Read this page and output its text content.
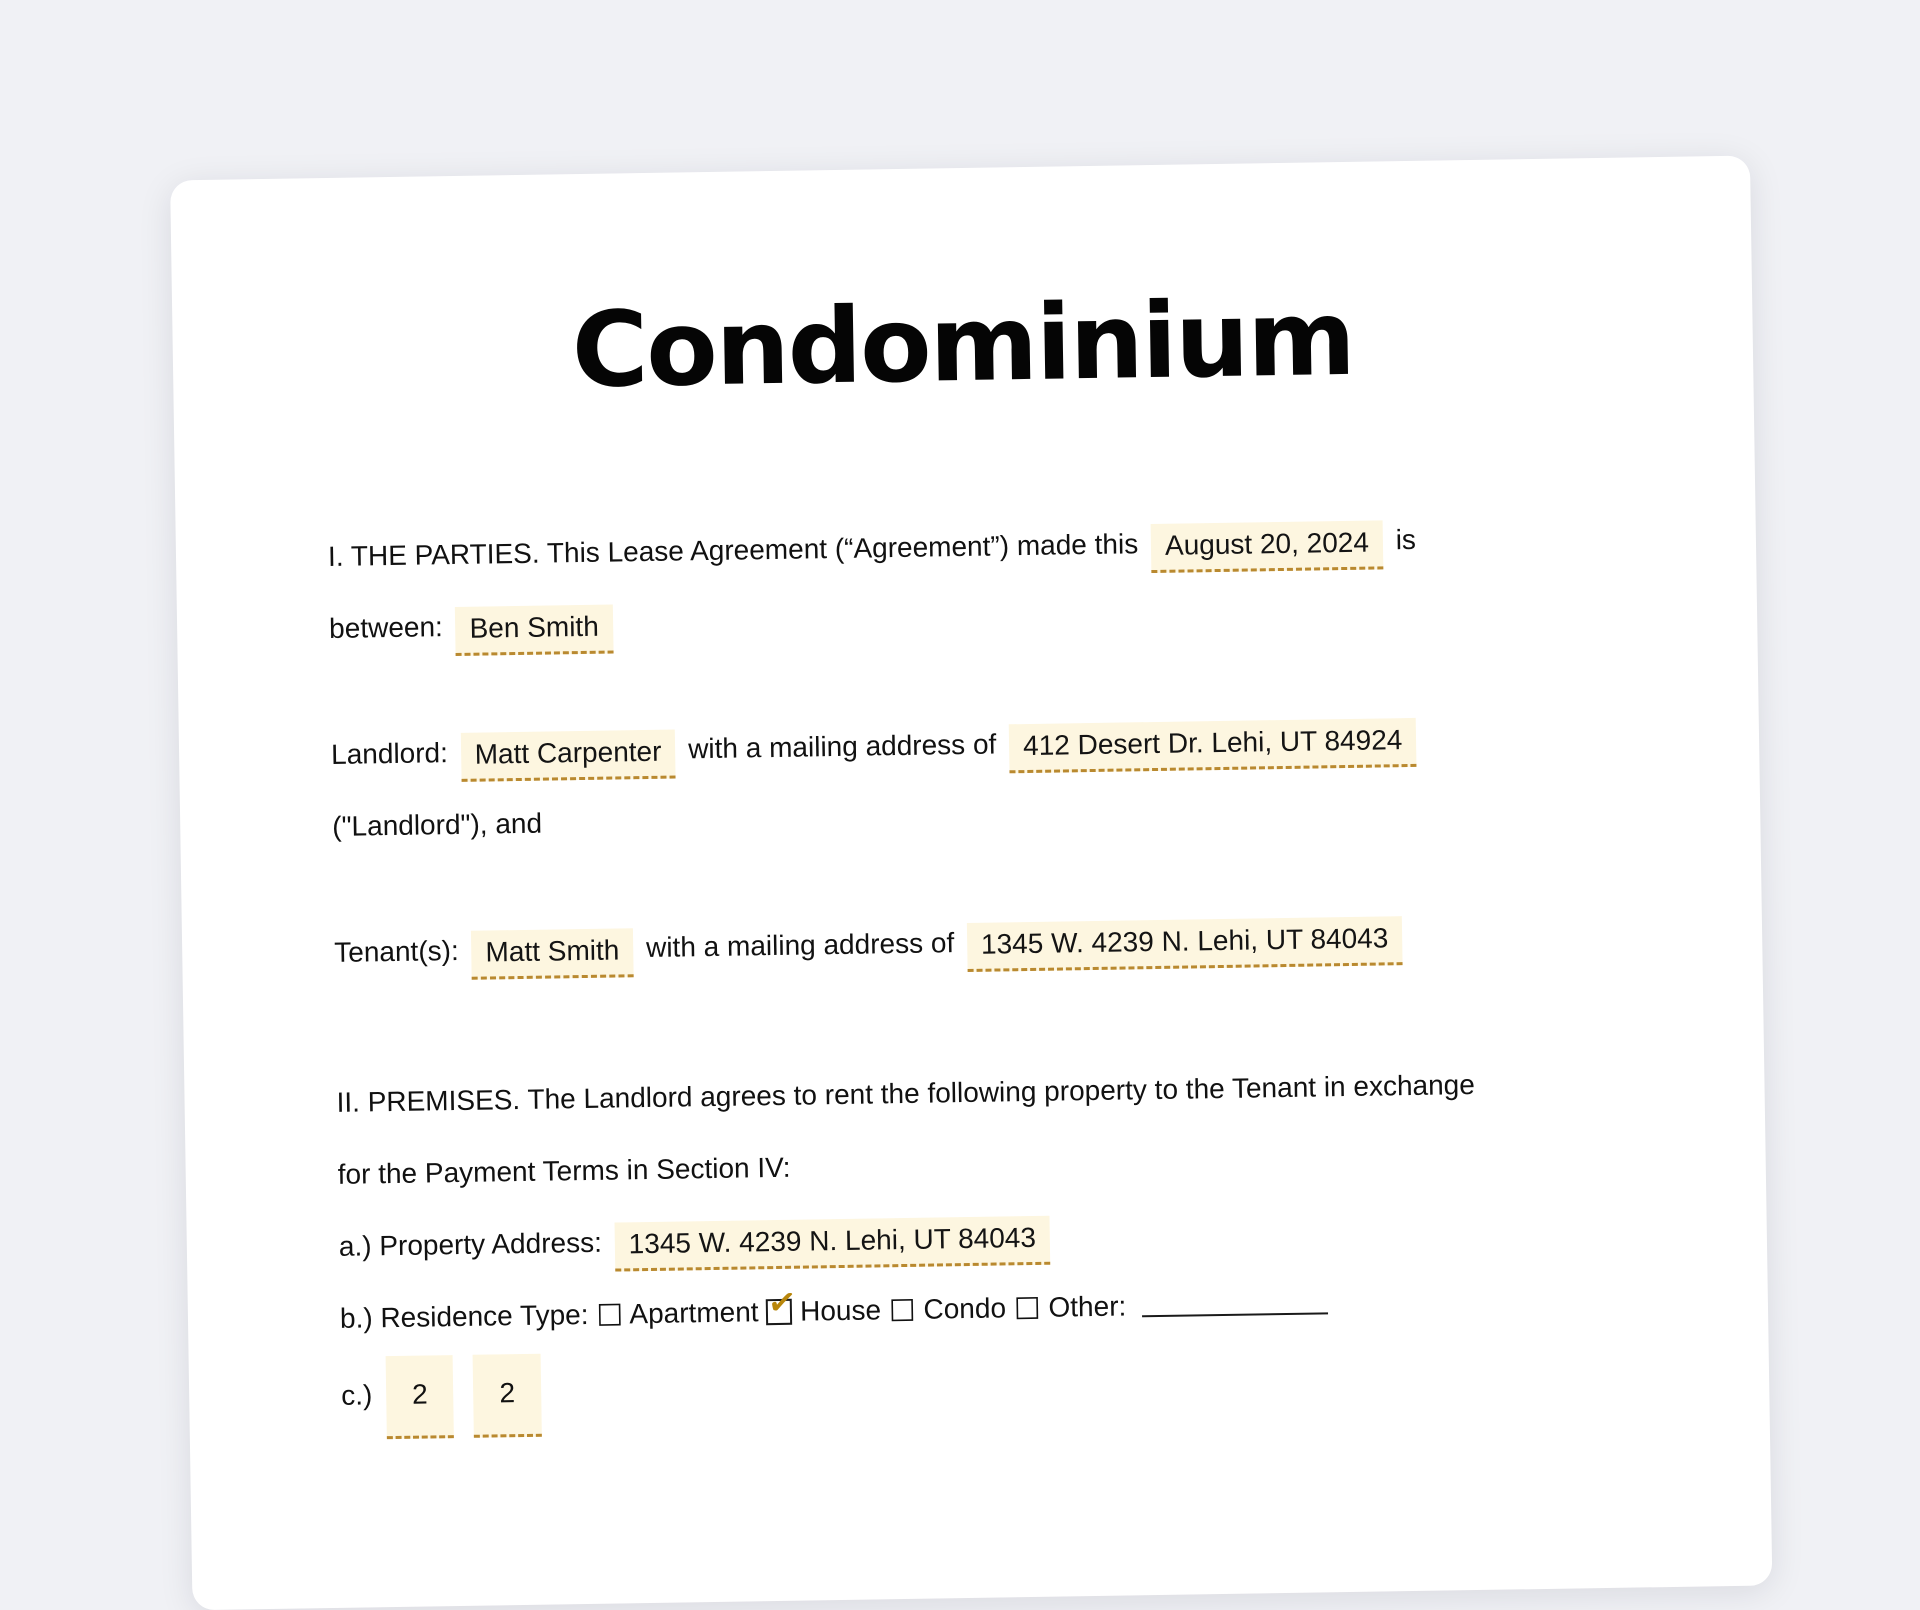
Condominium

I. THE PARTIES. This Lease Agreement (“Agreement”) made this August 20, 2024 is
between: Ben Smith

Landlord: Matt Carpenter with a mailing address of 412 Desert Dr. Lehi, UT 84924
("Landlord"), and

Tenant(s): Matt Smith with a mailing address of 1345 W. 4239 N. Lehi, UT 84043

II. PREMISES. The Landlord agrees to rent the following property to the Tenant in exchange
for the Payment Terms in Section IV:
a.) Property Address: 1345 W. 4239 N. Lehi, UT 84043
b.) Residence Type: ☐ Apartment ✓ House ☐ Condo ☐ Other:

c.) 2	2
